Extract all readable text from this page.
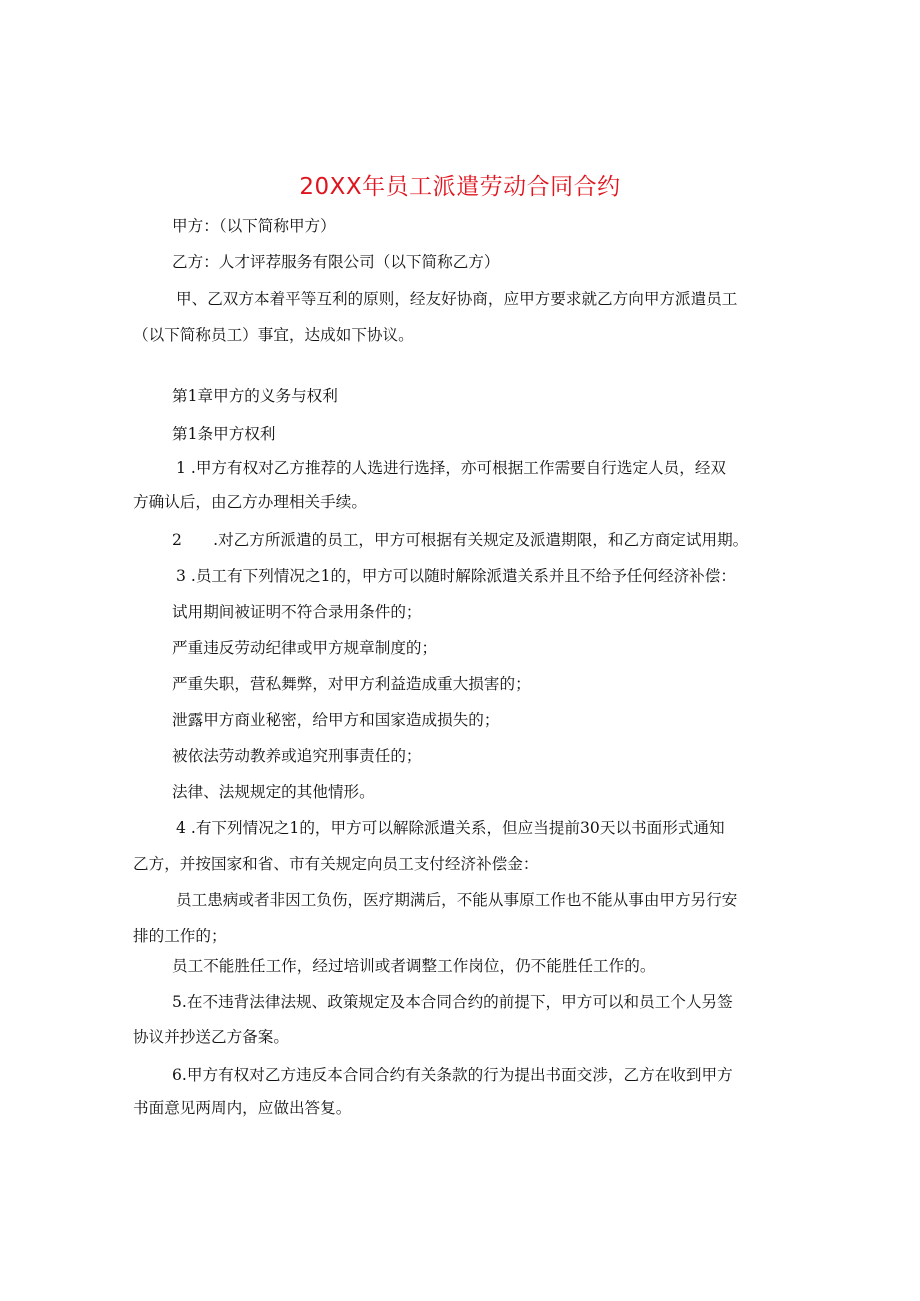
20XX年员工派遣劳动合同合约
甲方：（以下简称甲方）
乙方：人才评荐服务有限公司（以下简称乙方）
甲、乙双方本着平等互利的原则，经友好协商，应甲方要求就乙方向甲方派遣员工
（以下简称员工）事宜，达成如下协议。
第1章甲方的义务与权利
第1条甲方权利
1 .甲方有权对乙方推荐的人选进行选择，亦可根据工作需要自行选定人员，经双
方确认后，由乙方办理相关手续。
2　　.对乙方所派遣的员工，甲方可根据有关规定及派遣期限，和乙方商定试用期。
3 .员工有下列情况之1的，甲方可以随时解除派遣关系并且不给予任何经济补偿：
试用期间被证明不符合录用条件的；
严重违反劳动纪律或甲方规章制度的；
严重失职，营私舞弊，对甲方利益造成重大损害的；
泄露甲方商业秘密，给甲方和国家造成损失的；
被依法劳动教养或追究刑事责任的；
法律、法规规定的其他情形。
4 .有下列情况之1的，甲方可以解除派遣关系，但应当提前30天以书面形式通知
乙方，并按国家和省、市有关规定向员工支付经济补偿金：
员工患病或者非因工负伤，医疗期满后，不能从事原工作也不能从事由甲方另行安
排的工作的；
员工不能胜任工作，经过培训或者调整工作岗位，仍不能胜任工作的。
5.在不违背法律法规、政策规定及本合同合约的前提下，甲方可以和员工个人另签
协议并抄送乙方备案。
6.甲方有权对乙方违反本合同合约有关条款的行为提出书面交涉，乙方在收到甲方
书面意见两周内，应做出答复。
